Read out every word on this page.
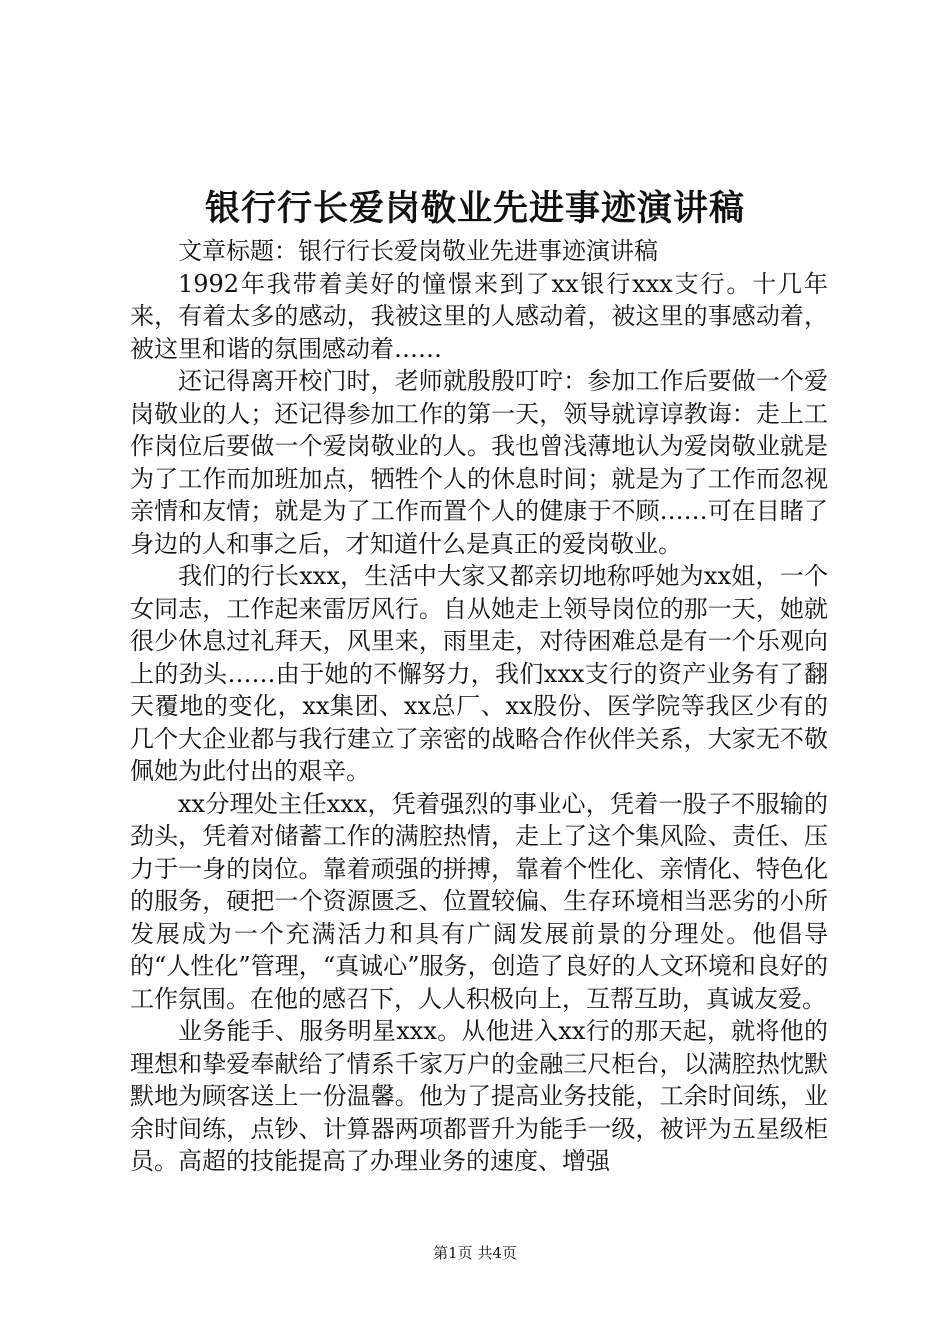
银行行长爱岗敬业先进事迹演讲稿

文章标题：银行行长爱岗敬业先进事迹演讲稿

1992年我带着美好的憧憬来到了xx银行xxx支行。十几年来，有着太多的感动，我被这里的人感动着，被这里的事感动着，被这里和谐的氛围感动着……

还记得离开校门时，老师就殷殷叮咛：参加工作后要做一个爱岗敬业的人；还记得参加工作的第一天，领导就谆谆教诲：走上工作岗位后要做一个爱岗敬业的人。我也曾浅薄地认为爱岗敬业就是为了工作而加班加点，牺牲个人的休息时间；就是为了工作而忽视亲情和友情；就是为了工作而置个人的健康于不顾……可在目睹了身边的人和事之后，才知道什么是真正的爱岗敬业。

我们的行长xxx，生活中大家又都亲切地称呼她为xx姐，一个女同志，工作起来雷厉风行。自从她走上领导岗位的那一天，她就很少休息过礼拜天，风里来，雨里走，对待困难总是有一个乐观向上的劲头……由于她的不懈努力，我们xxx支行的资产业务有了翻天覆地的变化，xx集团、xx总厂、xx股份、医学院等我区少有的几个大企业都与我行建立了亲密的战略合作伙伴关系，大家无不敬佩她为此付出的艰辛。

xx分理处主任xxx，凭着强烈的事业心，凭着一股子不服输的劲头，凭着对储蓄工作的满腔热情，走上了这个集风险、责任、压力于一身的岗位。靠着顽强的拼搏，靠着个性化、亲情化、特色化的服务，硬把一个资源匮乏、位置较偏、生存环境相当恶劣的小所发展成为一个充满活力和具有广阔发展前景的分理处。他倡导的“人性化”管理，“真诚心”服务，创造了良好的人文环境和良好的工作氛围。在他的感召下，人人积极向上，互帮互助，真诚友爱。

业务能手、服务明星xxx。从他进入xx行的那天起，就将他的理想和挚爱奉献给了情系千家万户的金融三尺柜台，以满腔热忱默默地为顾客送上一份温馨。他为了提高业务技能，工余时间练，业余时间练，点钞、计算器两项都晋升为能手一级，被评为五星级柜员。高超的技能提高了办理业务的速度、增强

第1页 共4页
